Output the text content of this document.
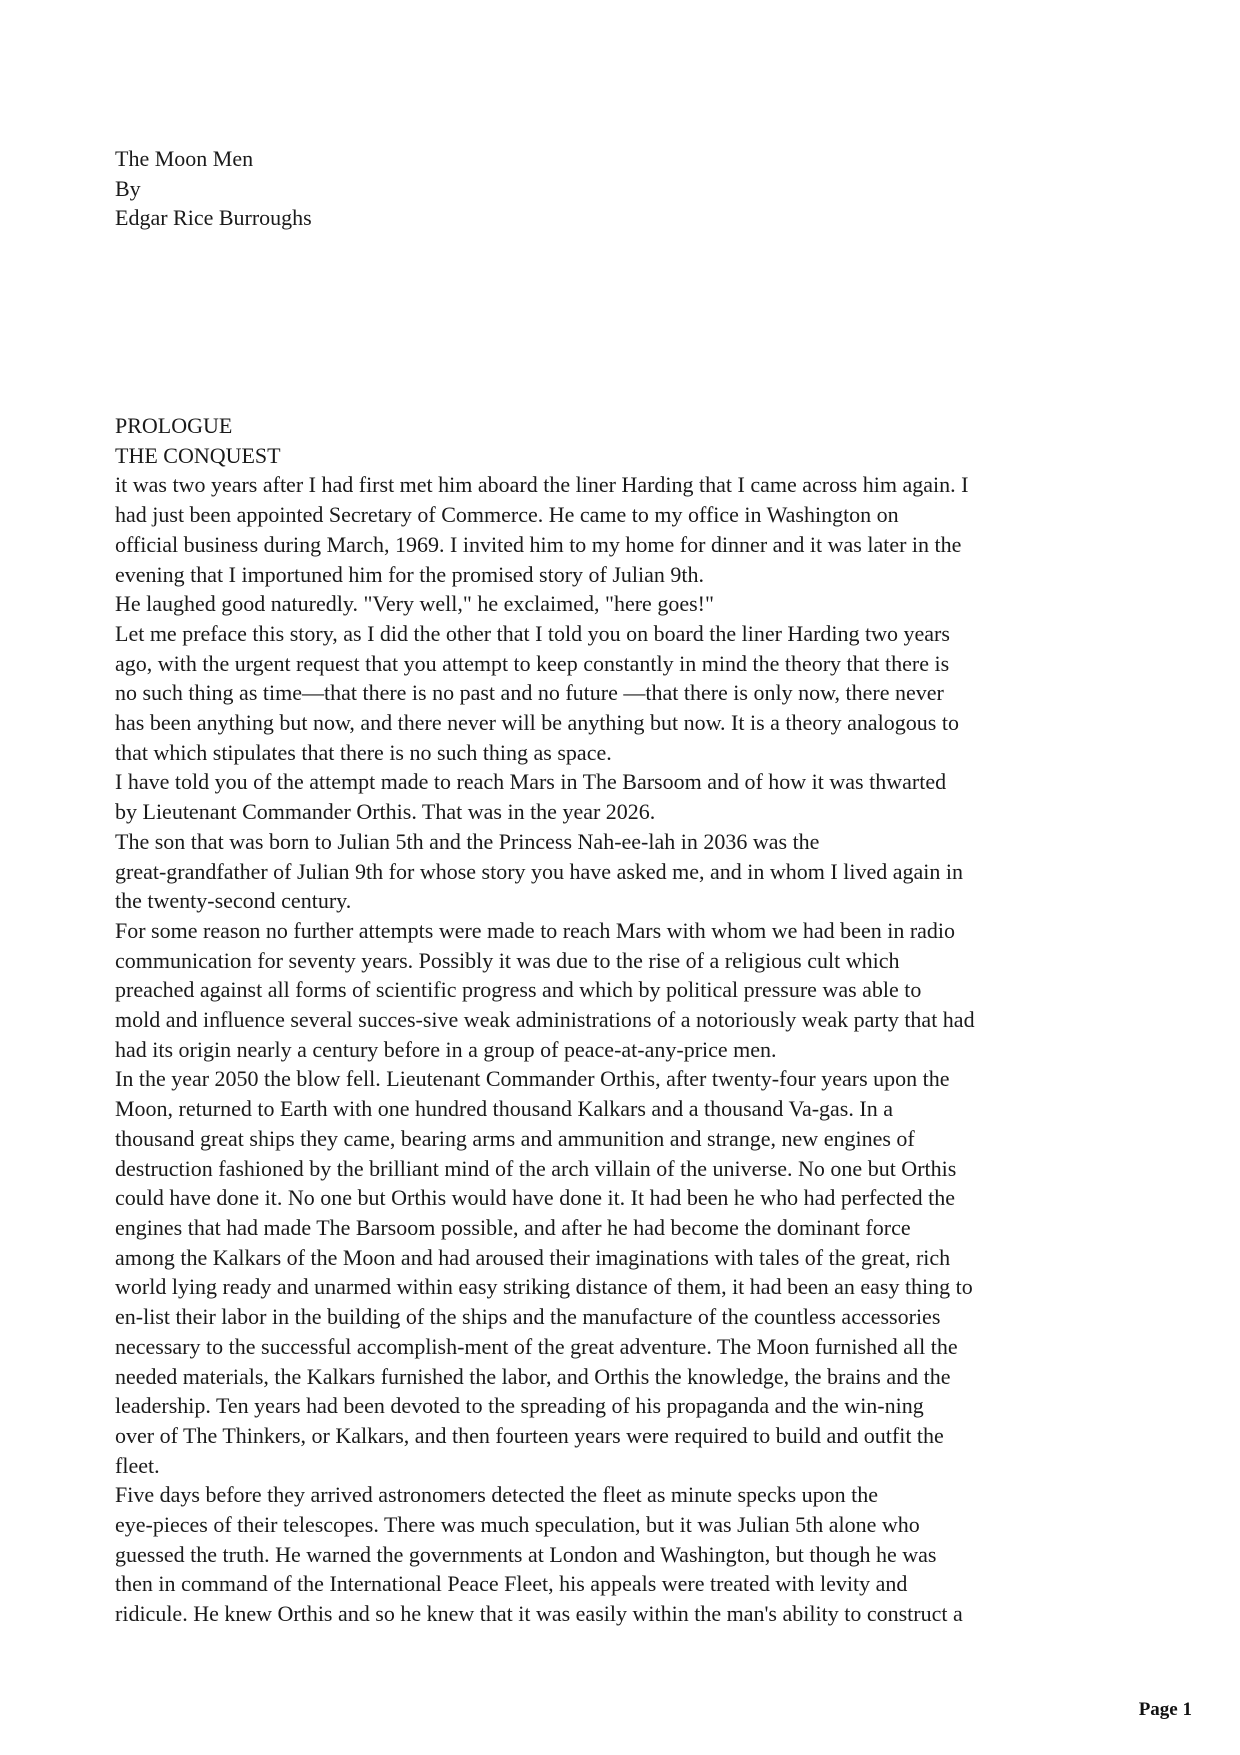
The Moon Men
By
Edgar Rice Burroughs
PROLOGUE
THE CONQUEST
it was two years after I had first met him aboard the liner Harding that I came across him again. I
had just been appointed Secretary of Commerce. He came to my office in Washington on
official business during March, 1969. I invited him to my home for dinner and it was later in the
evening that I importuned him for the promised story of Julian 9th.
He laughed good naturedly. "Very well," he exclaimed, "here goes!"
Let me preface this story, as I did the other that I told you on board the liner Harding two years
ago, with the urgent request that you attempt to keep constantly in mind the theory that there is
no such thing as time—that there is no past and no future —that there is only now, there never
has been anything but now, and there never will be anything but now. It is a theory analogous to
that which stipulates that there is no such thing as space.
I have told you of the attempt made to reach Mars in The Barsoom and of how it was thwarted
by Lieutenant Commander Orthis. That was in the year 2026.
The son that was born to Julian 5th and the Princess Nah-ee-lah in 2036 was the
great-grandfather of Julian 9th for whose story you have asked me, and in whom I lived again in
the twenty-second century.
For some reason no further attempts were made to reach Mars with whom we had been in radio
communication for seventy years. Possibly it was due to the rise of a religious cult which
preached against all forms of scientific progress and which by political pressure was able to
mold and influence several succes-sive weak administrations of a notoriously weak party that had
had its origin nearly a century before in a group of peace-at-any-price men.
In the year 2050 the blow fell. Lieutenant Commander Orthis, after twenty-four years upon the
Moon, returned to Earth with one hundred thousand Kalkars and a thousand Va-gas. In a
thousand great ships they came, bearing arms and ammunition and strange, new engines of
destruction fashioned by the brilliant mind of the arch villain of the universe. No one but Orthis
could have done it. No one but Orthis would have done it. It had been he who had perfected the
engines that had made The Barsoom possible, and after he had become the dominant force
among the Kalkars of the Moon and had aroused their imaginations with tales of the great, rich
world lying ready and unarmed within easy striking distance of them, it had been an easy thing to
en-list their labor in the building of the ships and the manufacture of the countless accessories
necessary to the successful accomplish-ment of the great adventure. The Moon furnished all the
needed materials, the Kalkars furnished the labor, and Orthis the knowledge, the brains and the
leadership. Ten years had been devoted to the spreading of his propaganda and the win-ning
over of The Thinkers, or Kalkars, and then fourteen years were required to build and outfit the
fleet.
Five days before they arrived astronomers detected the fleet as minute specks upon the
eye-pieces of their telescopes. There was much speculation, but it was Julian 5th alone who
guessed the truth. He warned the governments at London and Washington, but though he was
then in command of the International Peace Fleet, his appeals were treated with levity and
ridicule. He knew Orthis and so he knew that it was easily within the man's ability to construct a
Page 1
